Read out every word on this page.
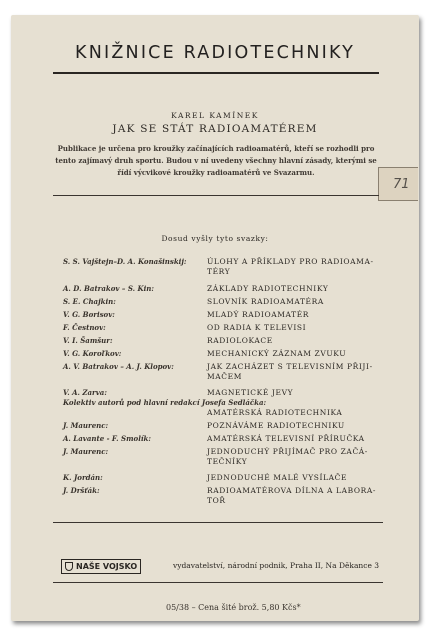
KNIŽNICE RADIOTECHNIKY
KAREL KAMÍNEK
JAK SE STÁT RADIOAMATÉREM
Publikace je určena pro kroužky začínajících radioamatérů, kteří se rozhodli pro tento zajímavý druh sportu. Budou v ní uvedeny všechny hlavní zásady, kterými se řídí výcvikové kroužky radioamatérů ve Svazarmu.
71
Dosud vyšly tyto svazky:
S. S. Vajštejn–D. A. Konašinskij:	ÚLOHY A PŘÍKLADY PRO RADIOAMA-
TÉRY
A. D. Batrakov – S. Kin:	ZÁKLADY RADIOTECHNIKY
S. E. Chajkin:	SLOVNÍK RADIOAMATÉRA
V. G. Borisov:	MLADÝ RADIOAMATÉR
F. Čestnov:	OD RADIA K TELEVISI
V. I. Šamšur:	RADIOLOKACE
V. G. Koroľkov:	MECHANICKÝ ZÁZNAM ZVUKU
A. V. Batrakov – A. J. Klopov:	JAK ZACHÁZET S TELEVISNÍM PŘIJI-
MAČEM
V. A. Zarva:	MAGNETICKÉ JEVY
Kolektiv autorů pod hlavní redakcí Josefa Sedláčka:
AMATÉRSKÁ RADIOTECHNIKA
J. Maurenc:	POZNÁVÁME RADIOTECHNIKU
A. Lavante - F. Smolík:	AMATÉRSKÁ TELEVISNÍ PŘÍRUČKA
J. Maurenc:	JEDNODUCHÝ PŘIJÍMAČ PRO ZAČÁ-
TEČNÍKY
K. Jordán:	JEDNODUCHÉ MALÉ VYSÍLAČE
J. Dršťák:	RADIOAMATÉROVA DÍLNA A LABORA-
TOŘ
NAŠE VOJSKO	vydavatelství, národní podnik, Praha II, Na Děkance 3
05/38 – Cena šité brož. 5,80 Kčs*
